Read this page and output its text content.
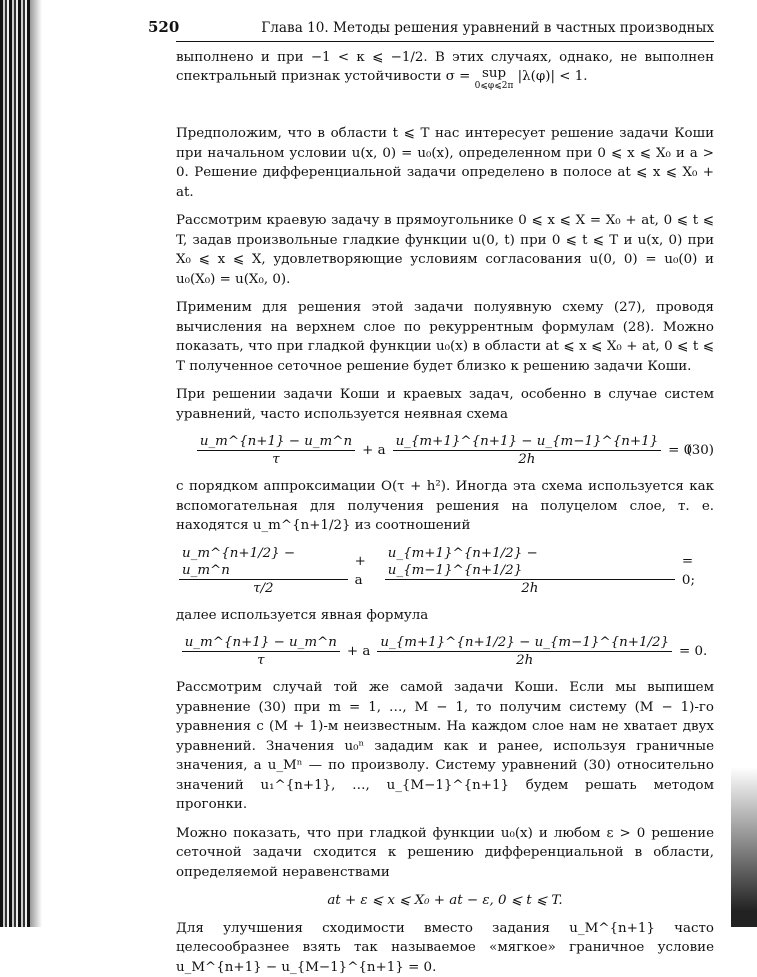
520	Глава 10. Методы решения уравнений в частных производных

выполнено и при −1 < κ ⩽ −1/2. В этих случаях, однако, не выполнен спектральный признак устойчивости σ = sup
0⩽φ⩽2π
|λ(φ)| < 1.

Предположим, что в области t ⩽ T нас интересует решение задачи Коши при начальном условии u(x, 0) = u₀(x), определенном при 0 ⩽ x ⩽ X₀ и a > 0. Решение дифференциальной задачи определено в полосе at ⩽ x ⩽ X₀ + at.

Рассмотрим краевую задачу в прямоугольнике 0 ⩽ x ⩽ X = X₀ + at, 0 ⩽ t ⩽ T, задав произвольные гладкие функции u(0, t) при 0 ⩽ t ⩽ T и u(x, 0) при X₀ ⩽ x ⩽ X, удовлетворяющие условиям согласования u(0, 0) = u₀(0) и u₀(X₀) = u(X₀, 0).

Применим для решения этой задачи полуявную схему (27), проводя вычисления на верхнем слое по рекуррентным формулам (28). Можно показать, что при гладкой функции u₀(x) в области at ⩽ x ⩽ X₀ + at, 0 ⩽ t ⩽ T полученное сеточное решение будет близко к решению задачи Коши.

При решении задачи Коши и краевых задач, особенно в случае систем уравнений, часто используется неявная схема

$\frac{u\_m\^{}\{n+1\} - u\_m\^{}n}{\tau} + a \frac{u\_\{m+1\}\^{}\{n+1\} - u\_\{m-1\}\^{}\{n+1\}}{2h} = 0$
(30)

с порядком аппроксимации O(τ + h²). Иногда эта схема используется как вспомогательная для получения решения на полуцелом слое, т. е. находятся u_m^{n+1/2} из соотношений

$\frac{u\_m\^{}\{n+1/2\} - u\_m\^{}n}{\tau/2} + a$	$\frac{u\_\{m+1\}\^{}\{n+1/2\} - u\_\{m-1\}\^{}\{n+1/2\}}{2h} = 0$;

далее используется явная формула

$\frac{u\_m\^{}\{n+1\} - u\_m\^{}n}{\tau} + a \frac{u\_\{m+1\}\^{}\{n+1/2\} - u\_\{m-1\}\^{}\{n+1/2\}}{2h} = 0$.

Рассмотрим случай той же самой задачи Коши. Если мы выпишем уравнение (30) при m = 1, …, M − 1, то получим систему (M − 1)-го уравнения с (M + 1)-м неизвестным. На каждом слое нам не хватает двух уравнений. Значения u₀ⁿ зададим как и ранее, используя граничные значения, а u_Mⁿ — по произволу. Систему уравнений (30) относительно значений u₁^{n+1}, …, u_{M−1}^{n+1} будем решать методом прогонки.

Можно показать, что при гладкой функции u₀(x) и любом ε > 0 решение сеточной задачи сходится к решению дифференциальной в области, определяемой неравенствами

at + ε ⩽ x ⩽ X₀ + at − ε, 0 ⩽ t ⩽ T.

Для улучшения сходимости вместо задания u_M^{n+1} часто целесообразнее взять так называемое «мягкое» граничное условие u_M^{n+1} − u_{M−1}^{n+1} = 0.
